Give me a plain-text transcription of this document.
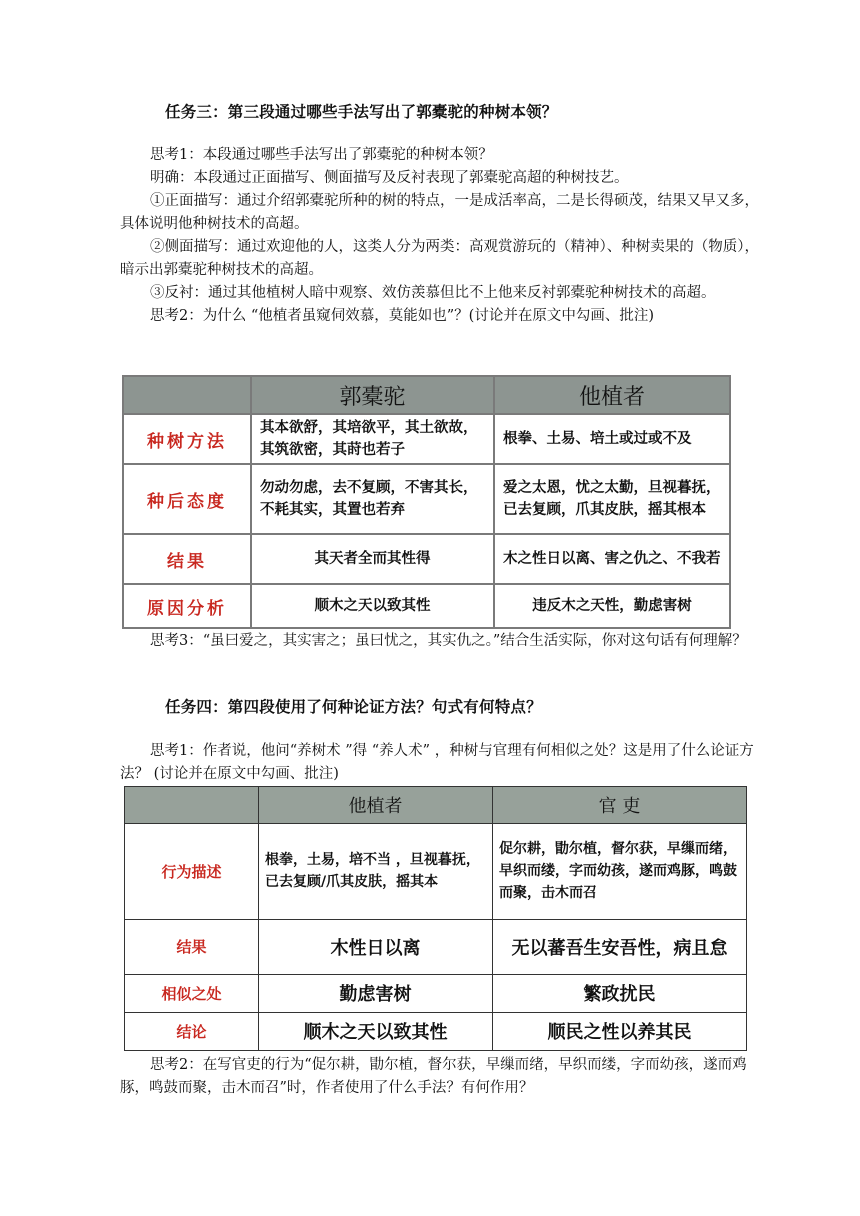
任务三：第三段通过哪些手法写出了郭橐驼的种树本领？
思考1：本段通过哪些手法写出了郭橐驼的种树本领？
明确：本段通过正面描写、侧面描写及反衬表现了郭橐驼高超的种树技艺。
①正面描写：通过介绍郭橐驼所种的树的特点，一是成活率高，二是长得硕茂，结果又早又多，具体说明他种树技术的高超。
②侧面描写：通过欢迎他的人，这类人分为两类：高观赏游玩的（精神）、种树卖果的（物质），暗示出郭橐驼种树技术的高超。
③反衬：通过其他植树人暗中观察、效仿羡慕但比不上他来反衬郭橐驼种树技术的高超。
思考2：为什么 “他植者虽窥伺效慕，莫能如也”？(讨论并在原文中勾画、批注)
	郭橐驼	他植者
种树方法	其本欲舒，其培欲平，其土欲故，其筑欲密，其莳也若子	根拳、土易、培土或过或不及
种后态度	勿动勿虑，去不复顾，不害其长，不耗其实，其置也若弃	爱之太恩，忧之太勤，旦视暮抚，已去复顾，爪其皮肤，摇其根本
结果	其天者全而其性得	木之性日以离、害之仇之、不我若
原因分析	顺木之天以致其性	违反木之天性，勤虑害树
思考3：“虽曰爱之，其实害之；虽曰忧之，其实仇之。”结合生活实际，你对这句话有何理解？
任务四：第四段使用了何种论证方法？句式有何特点？
思考1：作者说，他问“养树术 ”得 “养人术” ，种树与官理有何相似之处？这是用了什么论证方法？ (讨论并在原文中勾画、批注)
	他植者	官 吏
行为描述	根拳，土易，培不当 ，旦视暮抚，已去复顾/爪其皮肤，摇其本	促尔耕，勖尔植，督尔获，早缫而绪，早织而缕，字而幼孩，遂而鸡豚，鸣鼓而聚，击木而召
结果	木性日以离	无以蕃吾生安吾性，病且怠
相似之处	勤虑害树	繁政扰民
结论	顺木之天以致其性	顺民之性以养其民
思考2：在写官吏的行为“促尔耕，勖尔植，督尔获，早缫而绪，早织而缕，字而幼孩，遂而鸡豚，鸣鼓而聚，击木而召”时，作者使用了什么手法？有何作用？
